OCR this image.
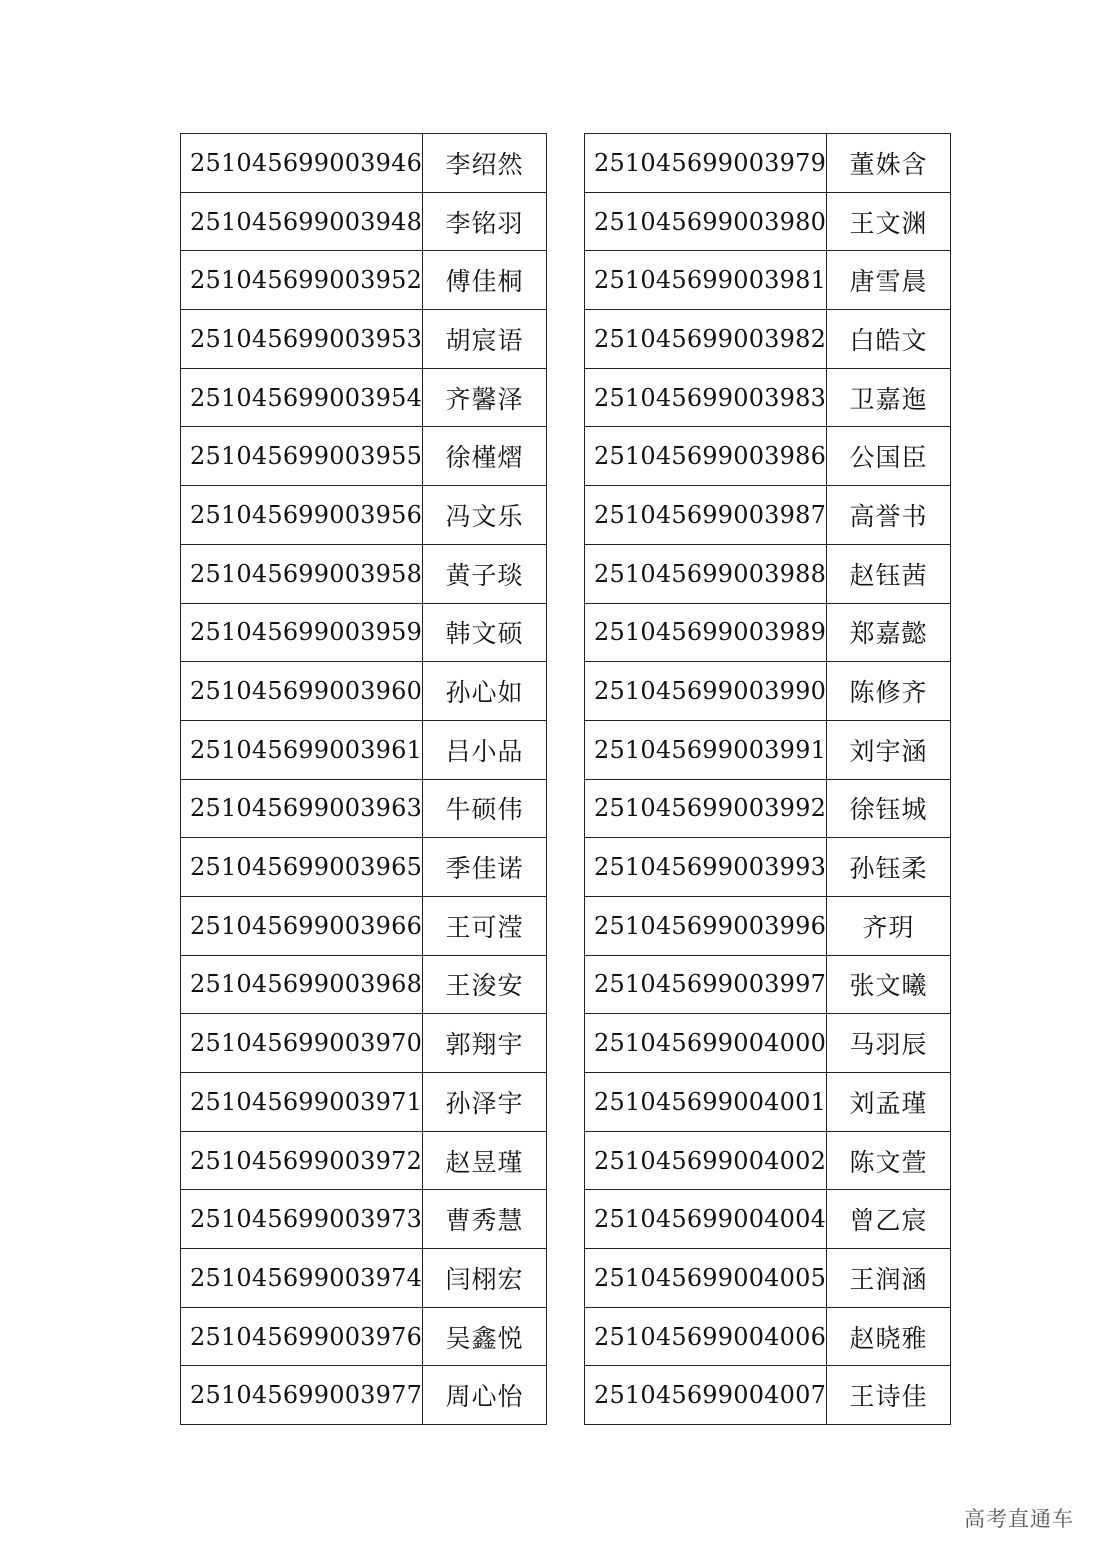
251045699003946	李绍然
251045699003948	李铭羽
251045699003952	傅佳桐
251045699003953	胡宸语
251045699003954	齐馨泽
251045699003955	徐槿熠
251045699003956	冯文乐
251045699003958	黄子琰
251045699003959	韩文硕
251045699003960	孙心如
251045699003961	吕小品
251045699003963	牛硕伟
251045699003965	季佳诺
251045699003966	王可滢
251045699003968	王浚安
251045699003970	郭翔宇
251045699003971	孙泽宇
251045699003972	赵昱瑾
251045699003973	曹秀慧
251045699003974	闫栩宏
251045699003976	吴鑫悦
251045699003977	周心怡
251045699003979	董姝含
251045699003980	王文渊
251045699003981	唐雪晨
251045699003982	白皓文
251045699003983	卫嘉迤
251045699003986	公国臣
251045699003987	高誉书
251045699003988	赵钰茜
251045699003989	郑嘉懿
251045699003990	陈修齐
251045699003991	刘宇涵
251045699003992	徐钰城
251045699003993	孙钰柔
251045699003996	齐玥
251045699003997	张文曦
251045699004000	马羽辰
251045699004001	刘孟瑾
251045699004002	陈文萱
251045699004004	曾乙宸
251045699004005	王润涵
251045699004006	赵晓雅
251045699004007	王诗佳
高考直通车
